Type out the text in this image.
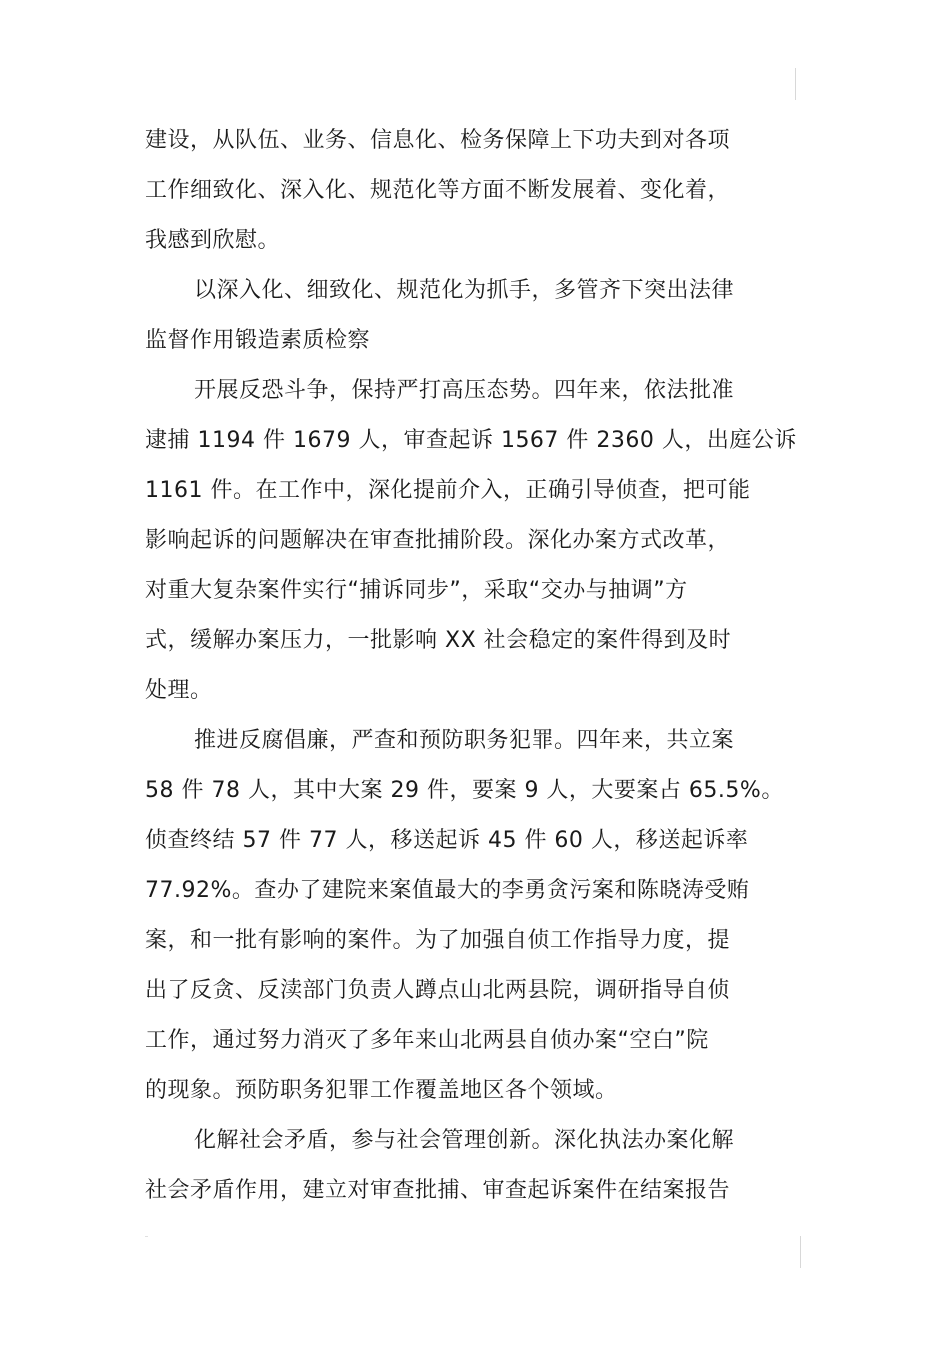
建设，从队伍、业务、信息化、检务保障上下功夫到对各项
工作细致化、深入化、规范化等方面不断发展着、变化着，
我感到欣慰。
以深入化、细致化、规范化为抓手，多管齐下突出法律
监督作用锻造素质检察
开展反恐斗争，保持严打高压态势。四年来，依法批准
逮捕 1194 件 1679 人，审查起诉 1567 件 2360 人，出庭公诉
1161 件。在工作中，深化提前介入，正确引导侦查，把可能
影响起诉的问题解决在审查批捕阶段。深化办案方式改革，
对重大复杂案件实行“捕诉同步”，采取“交办与抽调”方
式，缓解办案压力，一批影响 XX 社会稳定的案件得到及时
处理。
推进反腐倡廉，严查和预防职务犯罪。四年来，共立案
58 件 78 人，其中大案 29 件，要案 9 人，大要案占 65.5%。
侦查终结 57 件 77 人，移送起诉 45 件 60 人，移送起诉率
77.92%。查办了建院来案值最大的李勇贪污案和陈晓涛受贿
案，和一批有影响的案件。为了加强自侦工作指导力度，提
出了反贪、反渎部门负责人蹲点山北两县院，调研指导自侦
工作，通过努力消灭了多年来山北两县自侦办案“空白”院
的现象。预防职务犯罪工作覆盖地区各个领域。
化解社会矛盾，参与社会管理创新。深化执法办案化解
社会矛盾作用，建立对审查批捕、审查起诉案件在结案报告
